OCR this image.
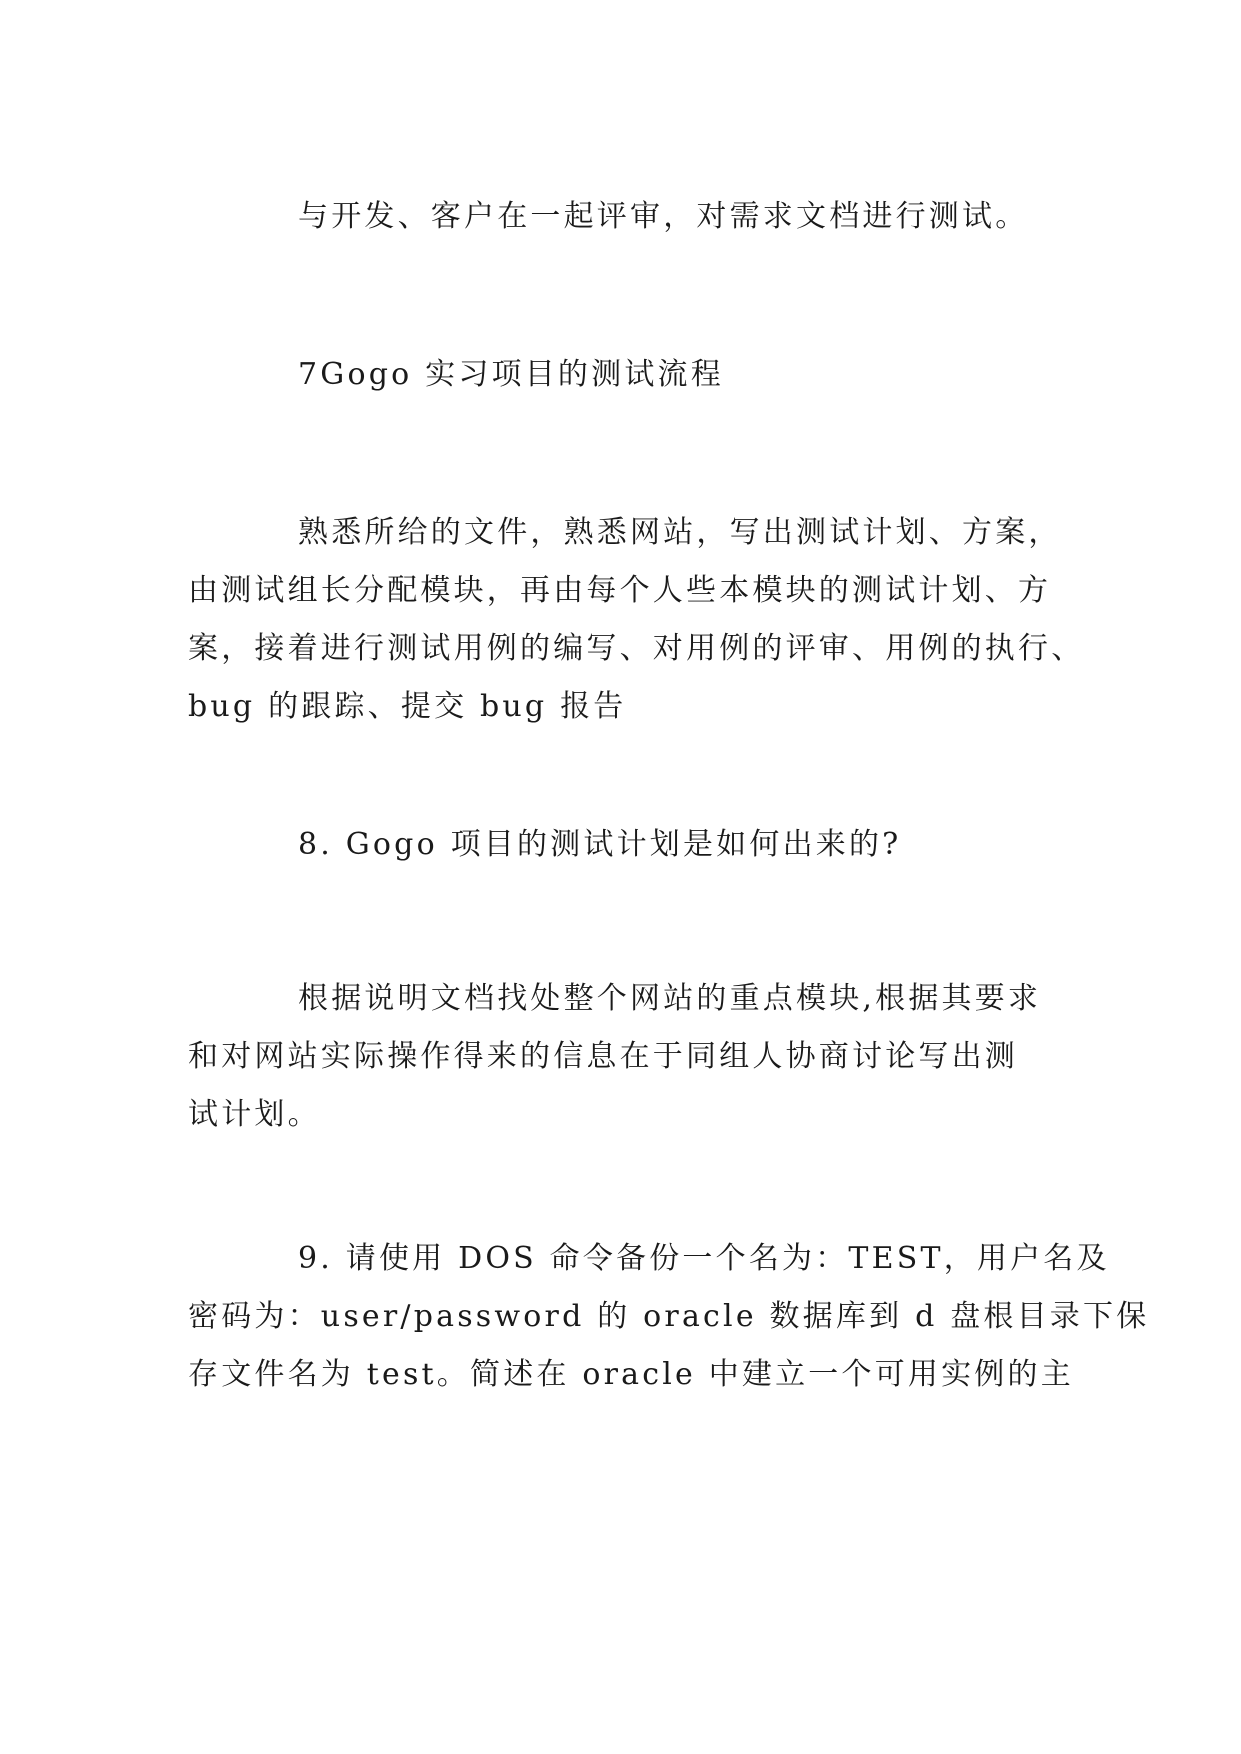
与开发、客户在一起评审，对需求文档进行测试。

7Gogo 实习项目的测试流程

熟悉所给的文件，熟悉网站，写出测试计划、方案，
由测试组长分配模块，再由每个人些本模块的测试计划、方
案，接着进行测试用例的编写、对用例的评审、用例的执行、
bug 的跟踪、提交 bug 报告

8. Gogo 项目的测试计划是如何出来的?

根据说明文档找处整个网站的重点模块,根据其要求
和对网站实际操作得来的信息在于同组人协商讨论写出测
试计划。

9. 请使用 DOS 命令备份一个名为：TEST，用户名及
密码为：user/password 的 oracle 数据库到 d 盘根目录下保
存文件名为 test。简述在 oracle 中建立一个可用实例的主
